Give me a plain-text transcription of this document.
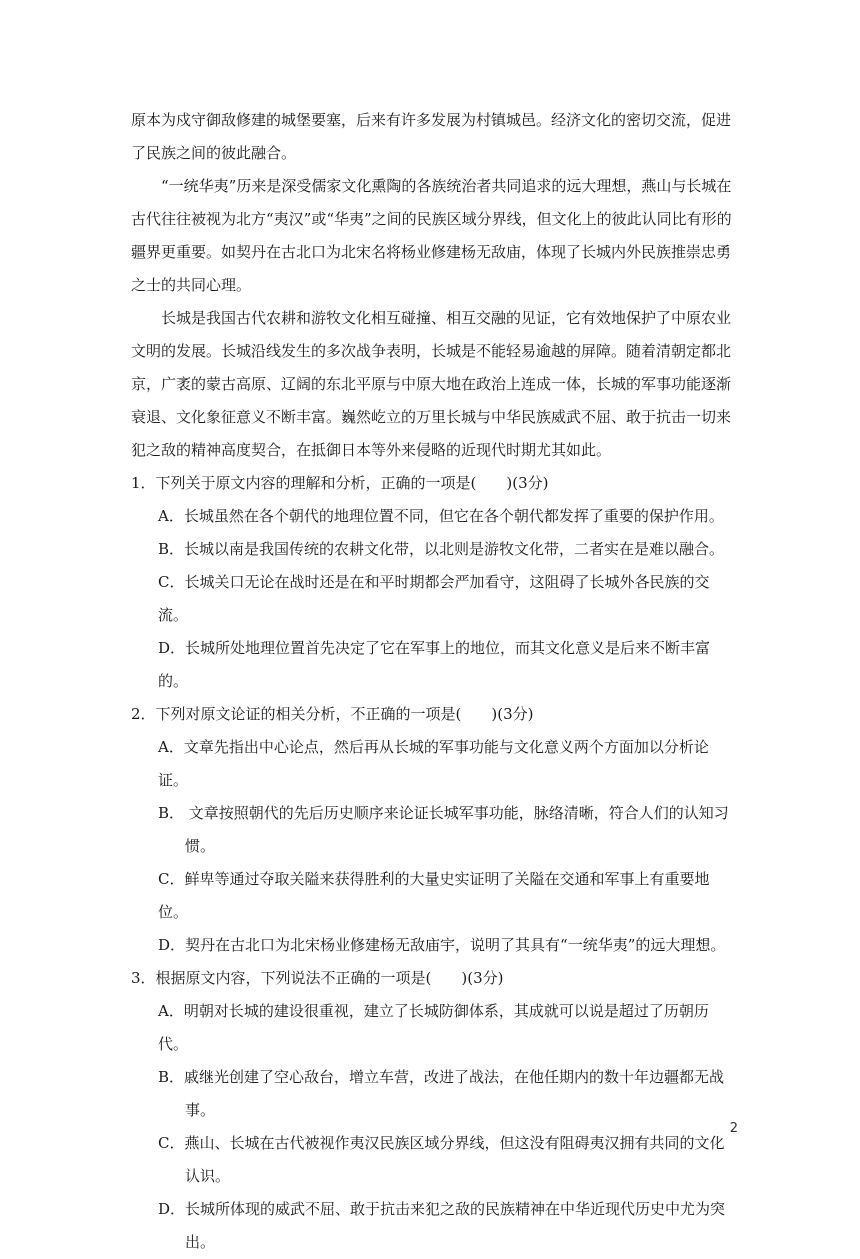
原本为戍守御敌修建的城堡要塞，后来有许多发展为村镇城邑。经济文化的密切交流，促进了民族之间的彼此融合。

“一统华夷”历来是深受儒家文化熏陶的各族统治者共同追求的远大理想，燕山与长城在古代往往被视为北方“夷汉”或“华夷”之间的民族区域分界线，但文化上的彼此认同比有形的疆界更重要。如契丹在古北口为北宋名将杨业修建杨无敌庙，体现了长城内外民族推崇忠勇之士的共同心理。

长城是我国古代农耕和游牧文化相互碰撞、相互交融的见证，它有效地保护了中原农业文明的发展。长城沿线发生的多次战争表明，长城是不能轻易逾越的屏障。随着清朝定都北京，广袤的蒙古高原、辽阔的东北平原与中原大地在政治上连成一体，长城的军事功能逐渐衰退、文化象征意义不断丰富。巍然屹立的万里长城与中华民族威武不屈、敢于抗击一切来犯之敌的精神高度契合，在抵御日本等外来侵略的近现代时期尤其如此。

1．下列关于原文内容的理解和分析，正确的一项是(　　)(3分)

A．长城虽然在各个朝代的地理位置不同，但它在各个朝代都发挥了重要的保护作用。

B．长城以南是我国传统的农耕文化带，以北则是游牧文化带，二者实在是难以融合。

C．长城关口无论在战时还是在和平时期都会严加看守，这阻碍了长城外各民族的交流。

D．长城所处地理位置首先决定了它在军事上的地位，而其文化意义是后来不断丰富的。

2．下列对原文论证的相关分析，不正确的一项是(　　)(3分)

A．文章先指出中心论点，然后再从长城的军事功能与文化意义两个方面加以分析论证。

B． 文章按照朝代的先后历史顺序来论证长城军事功能，脉络清晰，符合人们的认知习惯。

C．鲜卑等通过夺取关隘来获得胜利的大量史实证明了关隘在交通和军事上有重要地位。

D．契丹在古北口为北宋杨业修建杨无敌庙宇，说明了其具有“一统华夷”的远大理想。

3．根据原文内容，下列说法不正确的一项是(　　)(3分)

A．明朝对长城的建设很重视，建立了长城防御体系，其成就可以说是超过了历朝历代。

B．戚继光创建了空心敌台，增立车营，改进了战法，在他任期内的数十年边疆都无战事。

C．燕山、长城在古代被视作夷汉民族区域分界线，但这没有阻碍夷汉拥有共同的文化认识。

D．长城所体现的威武不屈、敢于抗击来犯之敌的民族精神在中华近现代历史中尤为突出。

2
